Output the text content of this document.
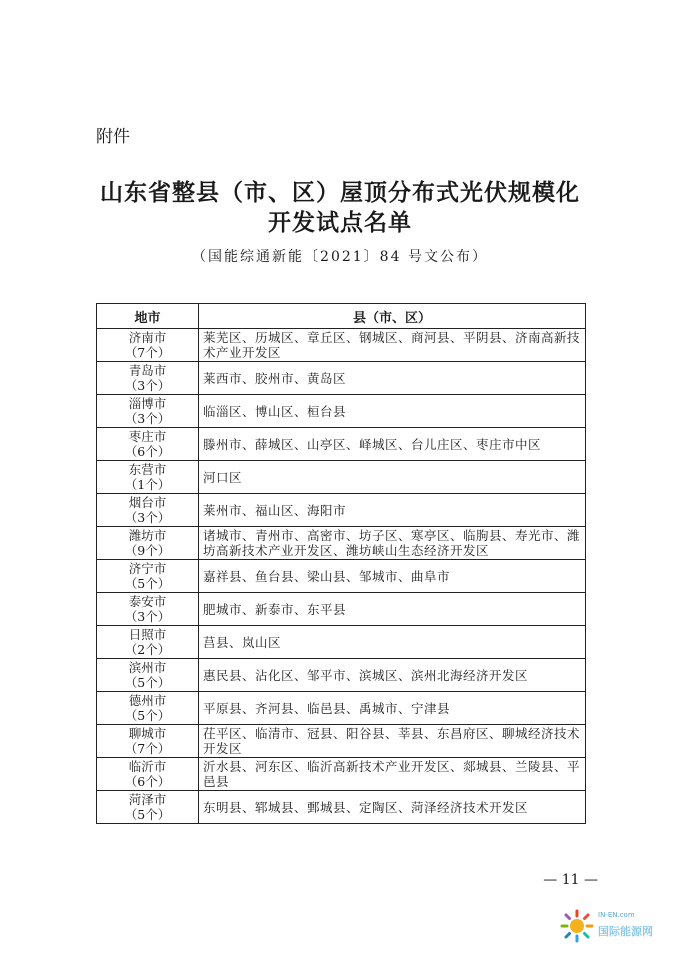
附件
山东省整县（市、区）屋顶分布式光伏规模化
开发试点名单
（国能综通新能〔2021〕84 号文公布）
地市	县（市、区）

济南市
（7个）	莱芜区、历城区、章丘区、钢城区、商河县、平阴县、济南高新技术产业开发区

青岛市
（3个）	莱西市、胶州市、黄岛区

淄博市
（3个）	临淄区、博山区、桓台县

枣庄市
（6个）	滕州市、薛城区、山亭区、峄城区、台儿庄区、枣庄市中区

东营市
（1个）	河口区

烟台市
（3个）	莱州市、福山区、海阳市

潍坊市
（9个）	诸城市、青州市、高密市、坊子区、寒亭区、临朐县、寿光市、潍坊高新技术产业开发区、潍坊峡山生态经济开发区

济宁市
（5个）	嘉祥县、鱼台县、梁山县、邹城市、曲阜市

泰安市
（3个）	肥城市、新泰市、东平县

日照市
（2个）	莒县、岚山区

滨州市
（5个）	惠民县、沾化区、邹平市、滨城区、滨州北海经济开发区

德州市
（5个）	平原县、齐河县、临邑县、禹城市、宁津县

聊城市
（7个）	茌平区、临清市、冠县、阳谷县、莘县、东昌府区、聊城经济技术开发区

临沂市
（6个）	沂水县、河东区、临沂高新技术产业开发区、郯城县、兰陵县、平邑县

菏泽市
（5个）	东明县、郓城县、鄄城县、定陶区、菏泽经济技术开发区
— 11 —
IN-EN.com
国际能源网
